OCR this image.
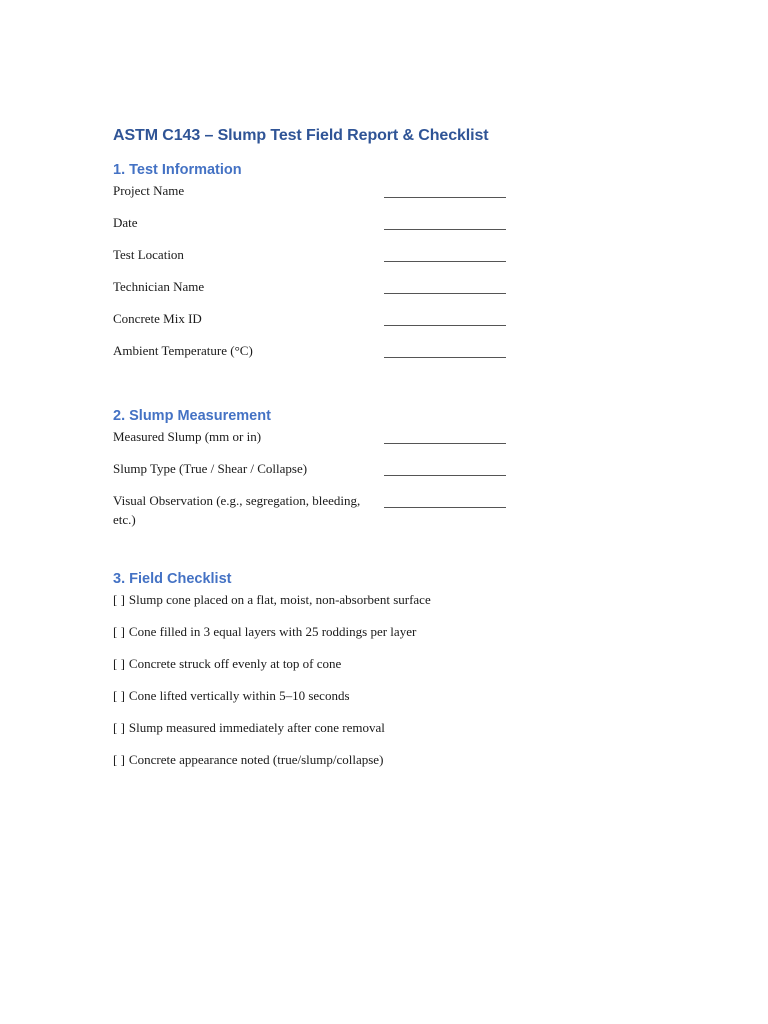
ASTM C143 – Slump Test Field Report & Checklist
1. Test Information
Project Name
Date
Test Location
Technician Name
Concrete Mix ID
Ambient Temperature (°C)
2. Slump Measurement
Measured Slump (mm or in)
Slump Type (True / Shear / Collapse)
Visual Observation (e.g., segregation, bleeding, etc.)
3. Field Checklist
[ ] Slump cone placed on a flat, moist, non-absorbent surface
[ ] Cone filled in 3 equal layers with 25 roddings per layer
[ ] Concrete struck off evenly at top of cone
[ ] Cone lifted vertically within 5–10 seconds
[ ] Slump measured immediately after cone removal
[ ] Concrete appearance noted (true/slump/collapse)
